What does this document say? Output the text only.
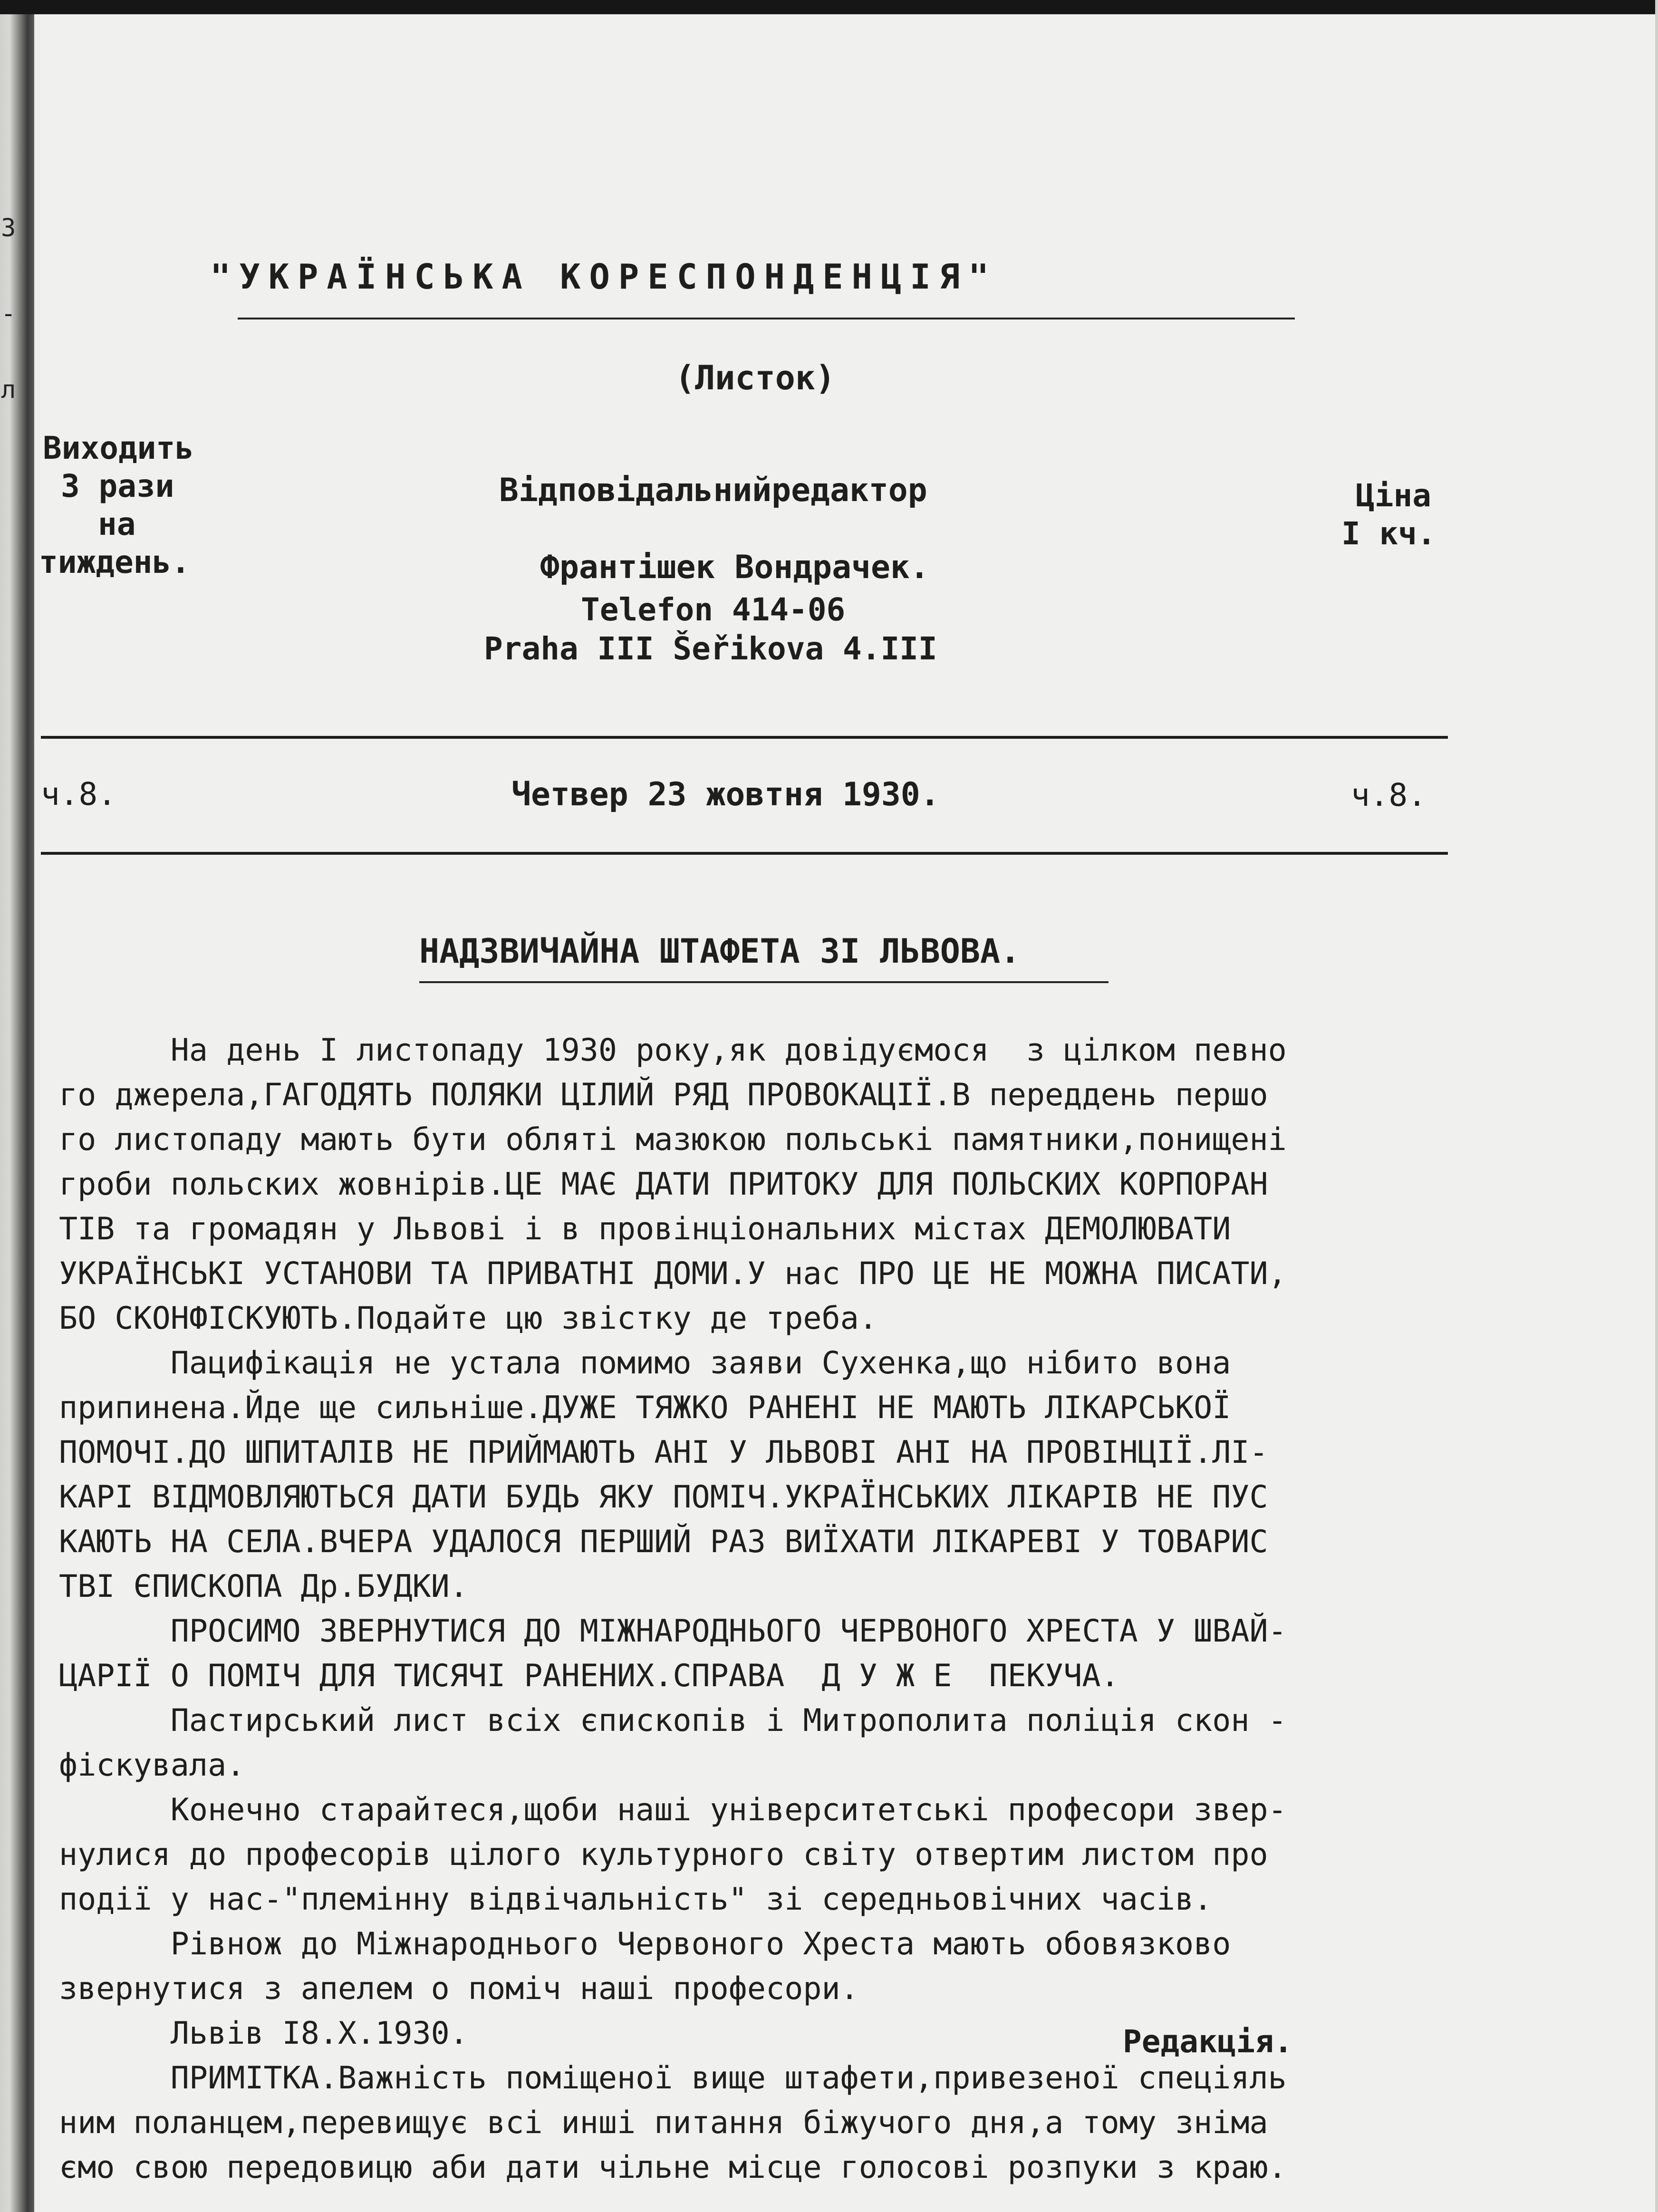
3
-
л
"УКРАЇНСЬКА КОРЕСПОНДЕНЦІЯ"
(Листок)
Виходить
3 рази
на
тиждень.
Відповідальнийредактор
Франтішек Вондрачек.
Telefon 414-06
Praha III Šeřikova 4.III
Ціна
I кч.
ч.8.	Четвер 23 жовтня 1930.	ч.8.
НАДЗВИЧАЙНА ШТАФЕТА ЗІ ЛЬВОВА.
На день I листопаду 1930 року,як довідуємося  з цілком певно
го джерела,ГАГОДЯТЬ ПОЛЯКИ ЦІЛИЙ РЯД ПРОВОКАЦІЇ.В переддень першо
го листопаду мають бути обляті мазюкою польські памятники,понищені
гроби польских жовнірів.ЦЕ МАЄ ДАТИ ПРИТОКУ ДЛЯ ПОЛЬСКИХ КОРПОРАН
ТІВ та громадян у Львові і в провінціональних містах ДЕМОЛЮВАТИ
УКРАЇНСЬКІ УСТАНОВИ ТА ПРИВАТНІ ДОМИ.У нас ПРО ЦЕ НЕ МОЖНА ПИСАТИ,
БО СКОНФІСКУЮТЬ.Подайте цю звістку де треба.
Пацифікація не устала помимо заяви Сухенка,що нібито вона
припинена.Йде ще сильніше.ДУЖЕ ТЯЖКО РАНЕНІ НЕ МАЮТЬ ЛІКАРСЬКОЇ
ПОМОЧІ.ДО ШПИТАЛІВ НЕ ПРИЙМАЮТЬ АНІ У ЛЬВОВІ АНІ НА ПРОВІНЦІЇ.ЛІ-
КАРІ ВІДМОВЛЯЮТЬСЯ ДАТИ БУДЬ ЯКУ ПОМІЧ.УКРАЇНСЬКИХ ЛІКАРІВ НЕ ПУС
КАЮТЬ НА СЕЛА.ВЧЕРА УДАЛОСЯ ПЕРШИЙ РАЗ ВИЇХАТИ ЛІКАРЕВІ У ТОВАРИС
ТВІ ЄПИСКОПА Др.БУДКИ.
ПРОСИМО ЗВЕРНУТИСЯ ДО МІЖНАРОДНЬОГО ЧЕРВОНОГО ХРЕСТА У ШВАЙ-
ЦАРІЇ О ПОМІЧ ДЛЯ ТИСЯЧІ РАНЕНИХ.СПРАВА  Д У Ж Е  ПЕКУЧА.
Пастирський лист всіх єпископів і Митрополита поліція скон -
фіскувала.
Конечно старайтеся,щоби наші університетські професори звер-
нулися до професорів цілого культурного світу отвертим листом про
події у нас-"племінну відвічальність" зі середньовічних часів.
Рівнож до Міжнароднього Червоного Хреста мають обовязково
звернутися з апелем о поміч наші професори.
Львів I8.X.1930.
ПРИМІТКА.Важність поміщеної вище штафети,привезеної спеціяль
ним поланцем,перевищує всі инші питання біжучого дня,а тому зніма
ємо свою передовицю аби дати чільне місце голосові розпуки з краю.
Редакція.
